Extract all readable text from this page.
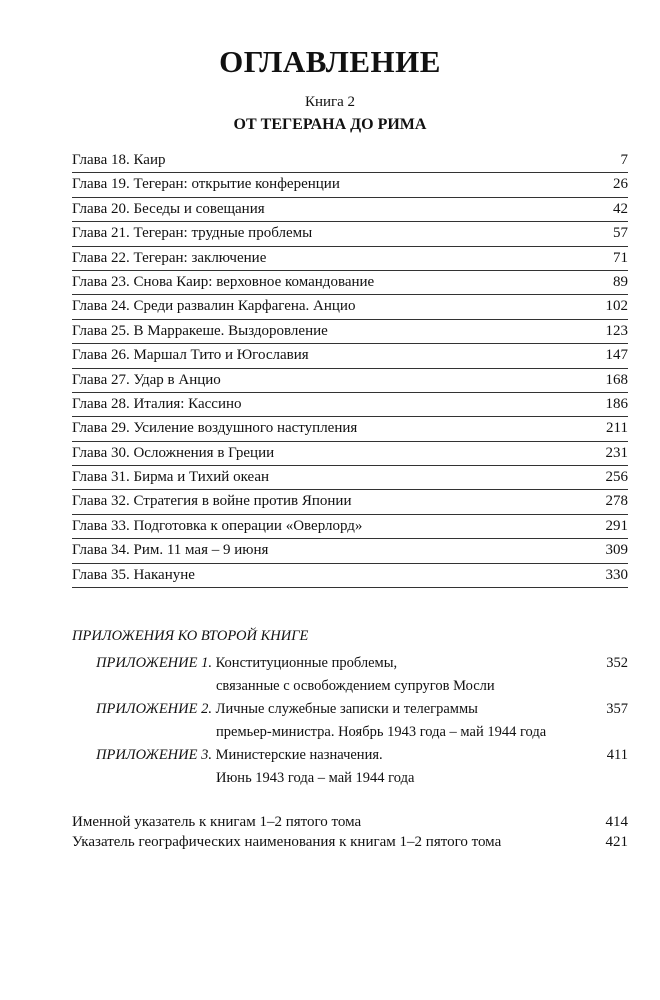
ОГЛАВЛЕНИЕ
Книга 2
ОТ ТЕГЕРАНА ДО РИМА
Глава 18. Каир	7
Глава 19. Тегеран: открытие конференции	26
Глава 20. Беседы и совещания	42
Глава 21. Тегеран: трудные проблемы	57
Глава 22. Тегеран: заключение	71
Глава 23. Снова Каир: верховное командование	89
Глава 24. Среди развалин Карфагена. Анцио	102
Глава 25. В Марракеше. Выздоровление	123
Глава 26. Маршал Тито и Югославия	147
Глава 27. Удар в Анцио	168
Глава 28. Италия: Кассино	186
Глава 29. Усиление воздушного наступления	211
Глава 30. Осложнения в Греции	231
Глава 31. Бирма и Тихий океан	256
Глава 32. Стратегия в войне против Японии	278
Глава 33. Подготовка к операции «Оверлорд»	291
Глава 34. Рим. 11 мая – 9 июня	309
Глава 35. Накануне	330
ПРИЛОЖЕНИЯ КО ВТОРОЙ КНИГЕ
ПРИЛОЖЕНИЕ 1. Конституционные проблемы,	352
связанные с освобождением супругов Мосли
ПРИЛОЖЕНИЕ 2. Личные служебные записки и телеграммы	357
премьер-министра. Ноябрь 1943 года – май 1944 года
ПРИЛОЖЕНИЕ 3. Министерские назначения.	411
Июнь 1943 года – май 1944 года
Именной указатель к книгам 1–2 пятого тома	414
Указатель географических наименования к книгам 1–2 пятого тома	421
